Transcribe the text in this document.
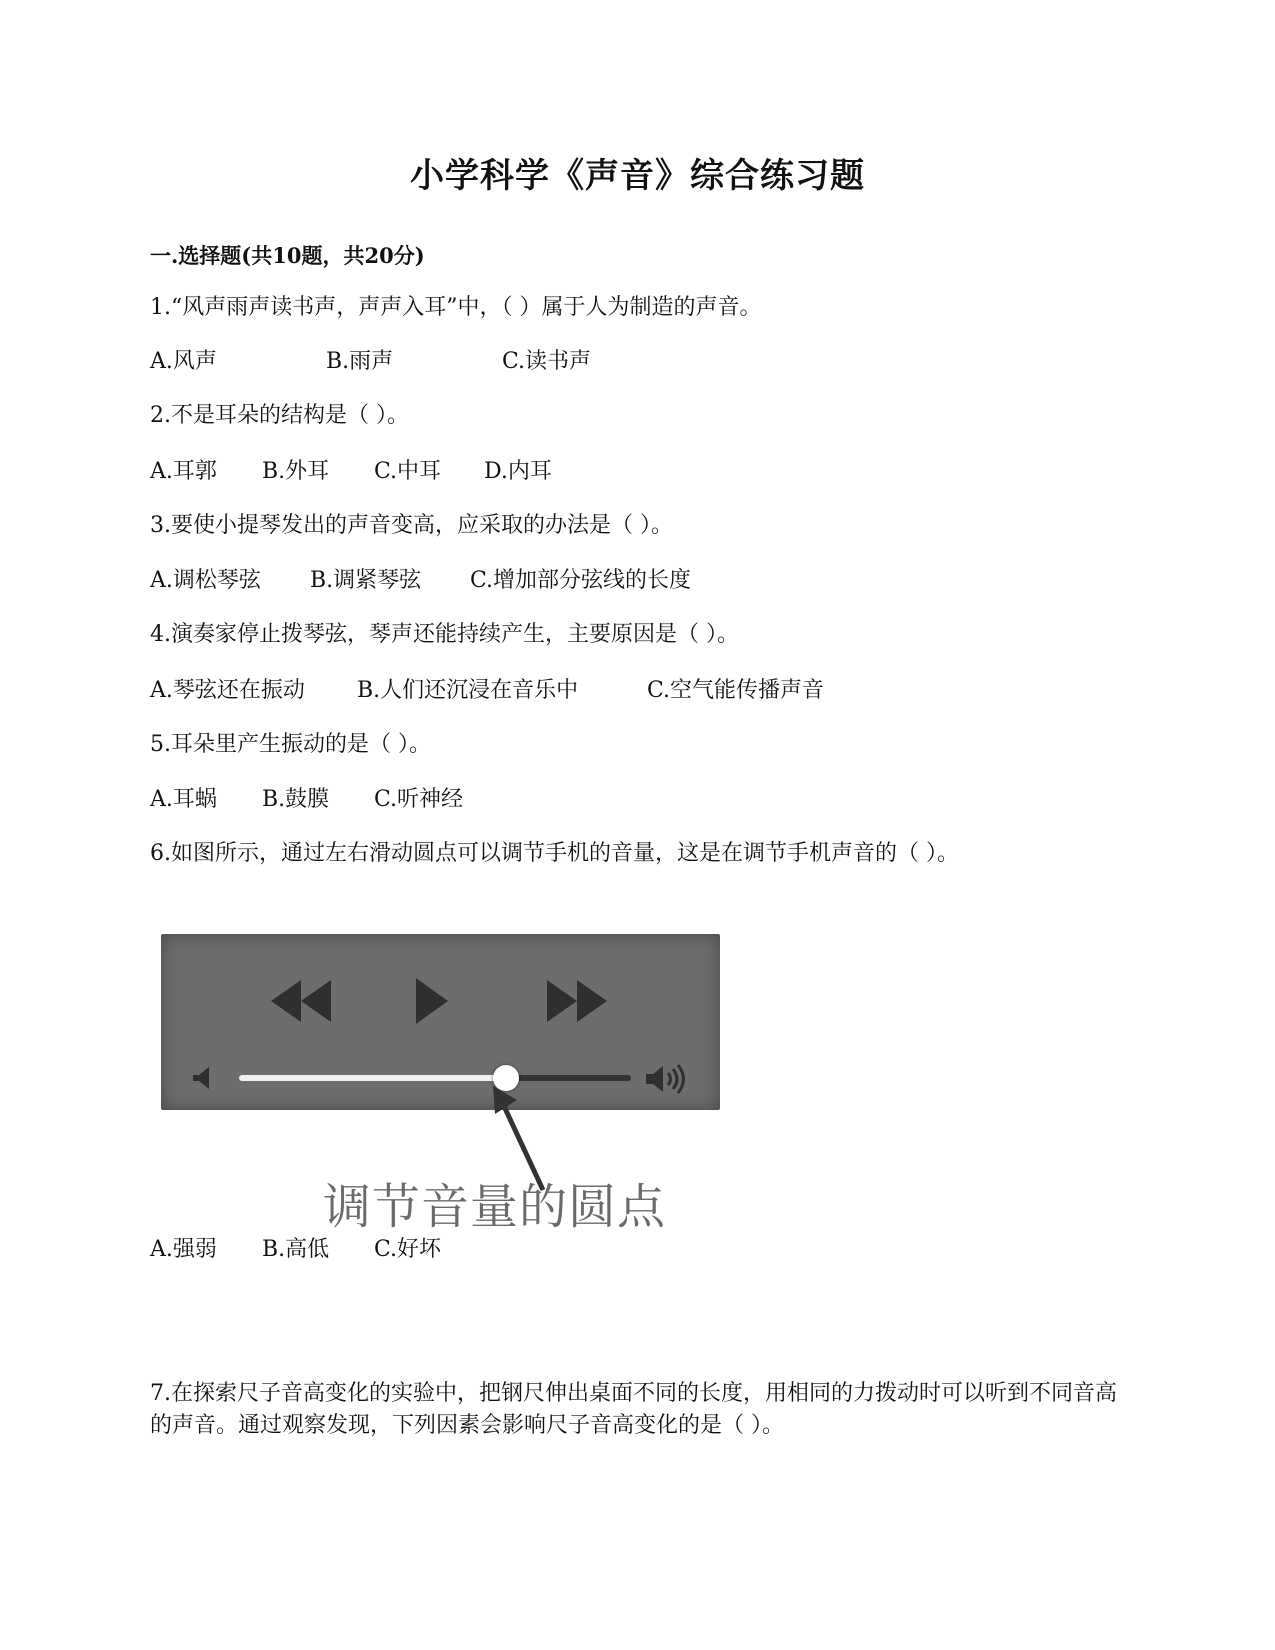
小学科学《声音》综合练习题
一.选择题(共10题，共20分)
1.“风声雨声读书声，声声入耳”中，（ ）属于人为制造的声音。
A.风声	B.雨声	C.读书声
2.不是耳朵的结构是（ ）。
A.耳郭 B.外耳 C.中耳 D.内耳
3.要使小提琴发出的声音变高，应采取的办法是（ ）。
A.调松琴弦 B.调紧琴弦 C.增加部分弦线的长度
4.演奏家停止拨琴弦，琴声还能持续产生，主要原因是（ ）。
A.琴弦还在振动 B.人们还沉浸在音乐中	C.空气能传播声音
5.耳朵里产生振动的是（ ）。
A.耳蜗 B.鼓膜 C.听神经
6.如图所示，通过左右滑动圆点可以调节手机的音量，这是在调节手机声音的（ ）。
调节音量的圆点
A.强弱 B.高低 C.好坏
7.在探索尺子音高变化的实验中，把钢尺伸出桌面不同的长度，用相同的力拨动时可以听到不同音高的声音。通过观察发现，下列因素会影响尺子音高变化的是（ ）。
